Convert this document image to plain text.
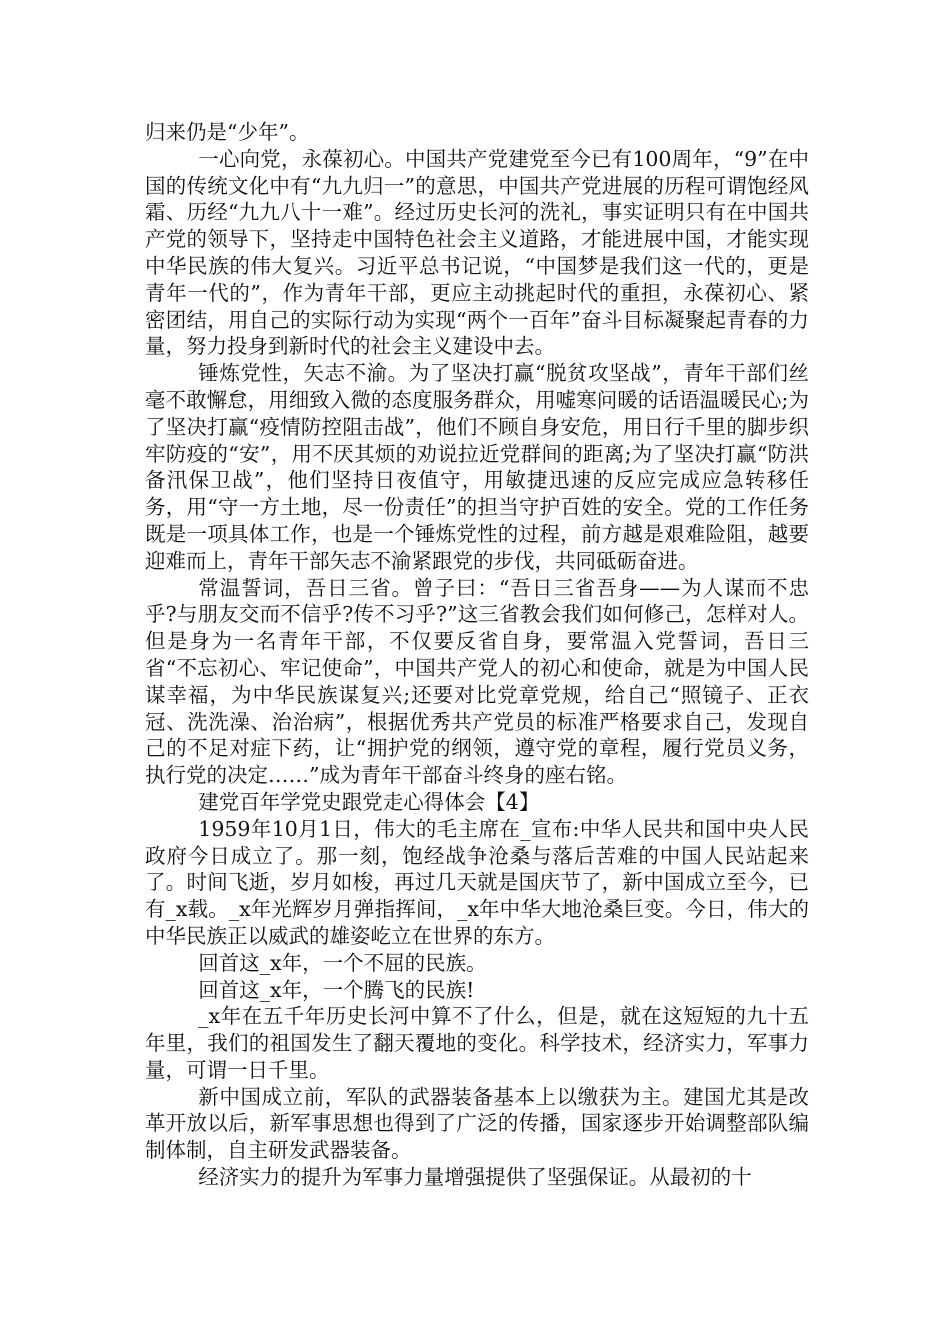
归来仍是“少年”。

一心向党，永葆初心。中国共产党建党至今已有100周年，“9”在中国的传统文化中有“九九归一”的意思，中国共产党进展的历程可谓饱经风霜、历经“九九八十一难”。经过历史长河的洗礼，事实证明只有在中国共产党的领导下，坚持走中国特色社会主义道路，才能进展中国，才能实现中华民族的伟大复兴。习近平总书记说，“中国梦是我们这一代的，更是青年一代的”，作为青年干部，更应主动挑起时代的重担，永葆初心、紧密团结，用自己的实际行动为实现“两个一百年”奋斗目标凝聚起青春的力量，努力投身到新时代的社会主义建设中去。

锤炼党性，矢志不渝。为了坚决打赢“脱贫攻坚战”，青年干部们丝毫不敢懈怠，用细致入微的态度服务群众，用嘘寒问暖的话语温暖民心;为了坚决打赢“疫情防控阻击战”，他们不顾自身安危，用日行千里的脚步织牢防疫的“安”，用不厌其烦的劝说拉近党群间的距离;为了坚决打赢“防洪备汛保卫战”，他们坚持日夜值守，用敏捷迅速的反应完成应急转移任务，用“守一方土地，尽一份责任”的担当守护百姓的安全。党的工作任务既是一项具体工作，也是一个锤炼党性的过程，前方越是艰难险阻，越要迎难而上，青年干部矢志不渝紧跟党的步伐，共同砥砺奋进。

常温誓词，吾日三省。曾子曰：“吾日三省吾身——为人谋而不忠乎?与朋友交而不信乎?传不习乎?”这三省教会我们如何修己，怎样对人。但是身为一名青年干部，不仅要反省自身，要常温入党誓词，吾日三省“不忘初心、牢记使命”，中国共产党人的初心和使命，就是为中国人民谋幸福，为中华民族谋复兴;还要对比党章党规，给自己“照镜子、正衣冠、洗洗澡、治治病”，根据优秀共产党员的标准严格要求自己，发现自己的不足对症下药，让“拥护党的纲领，遵守党的章程，履行党员义务，执行党的决定……”成为青年干部奋斗终身的座右铭。

建党百年学党史跟党走心得体会【4】

1959年10月1日，伟大的毛主席在_宣布:中华人民共和国中央人民政府今日成立了。那一刻，饱经战争沧桑与落后苦难的中国人民站起来了。时间飞逝，岁月如梭，再过几天就是国庆节了，新中国成立至今，已有_x载。_x年光辉岁月弹指挥间，_x年中华大地沧桑巨变。今日，伟大的中华民族正以威武的雄姿屹立在世界的东方。

回首这_x年，一个不屈的民族。

回首这_x年，一个腾飞的民族!

_x年在五千年历史长河中算不了什么，但是，就在这短短的九十五年里，我们的祖国发生了翻天覆地的变化。科学技术，经济实力，军事力量，可谓一日千里。

新中国成立前，军队的武器装备基本上以缴获为主。建国尤其是改革开放以后，新军事思想也得到了广泛的传播，国家逐步开始调整部队编制体制，自主研发武器装备。

经济实力的提升为军事力量增强提供了坚强保证。从最初的十
